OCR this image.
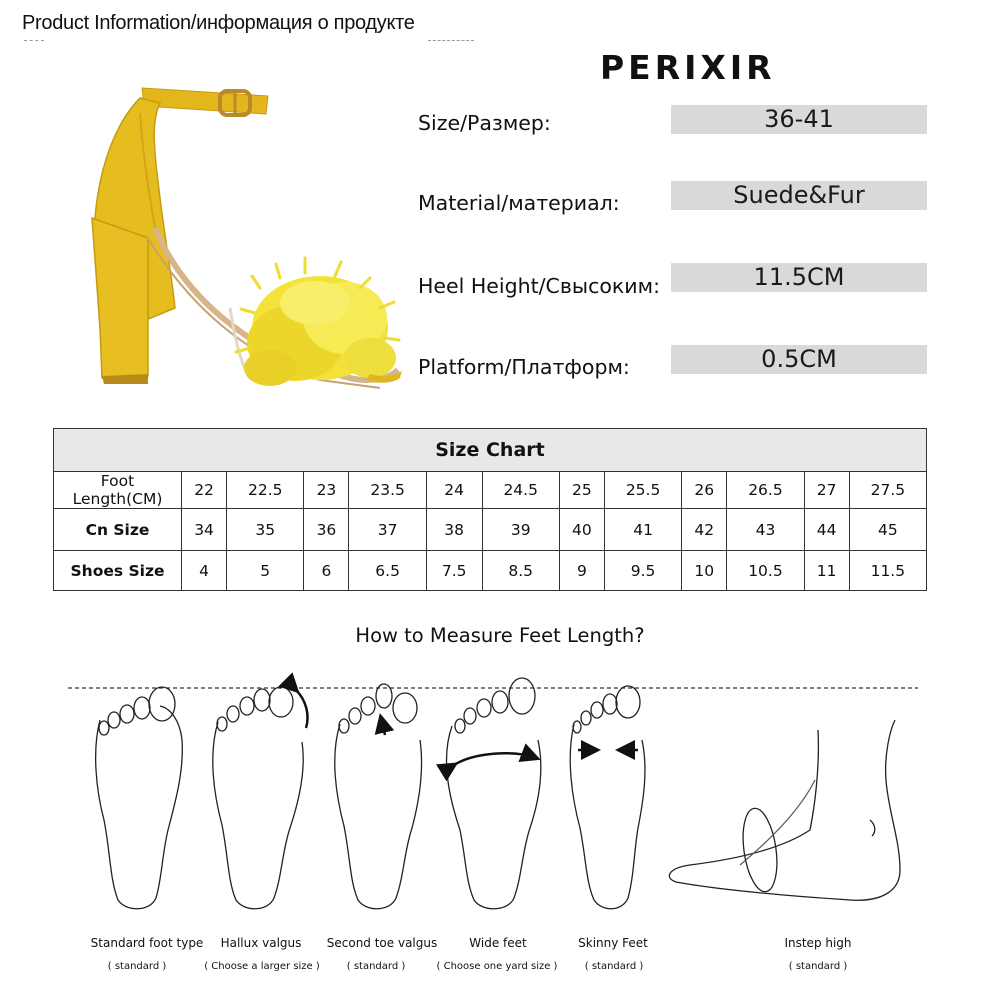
Product Information/информация о продукте
PERIXIR
Size/Размер:	36-41
Material/материал:	Suede&Fur
Heel Height/Свысоким:	11.5CM
Platform/Платформ:	0.5CM
Size Chart												
Foot Length(CM)	22	22.5	23	23.5	24	24.5	25	25.5	26	26.5	27	27.5
Cn Size	34	35	36	37	38	39	40	41	42	43	44	45
Shoes Size	4	5	6	6.5	7.5	8.5	9	9.5	10	10.5	11	11.5
How to Measure Feet Length?
Standard foot type
( standard )
Hallux valgus
( Choose a larger size )
Second toe valgus
( standard )
Wide feet
( Choose one yard size )
Skinny Feet
( standard )
Instep high
( standard )
